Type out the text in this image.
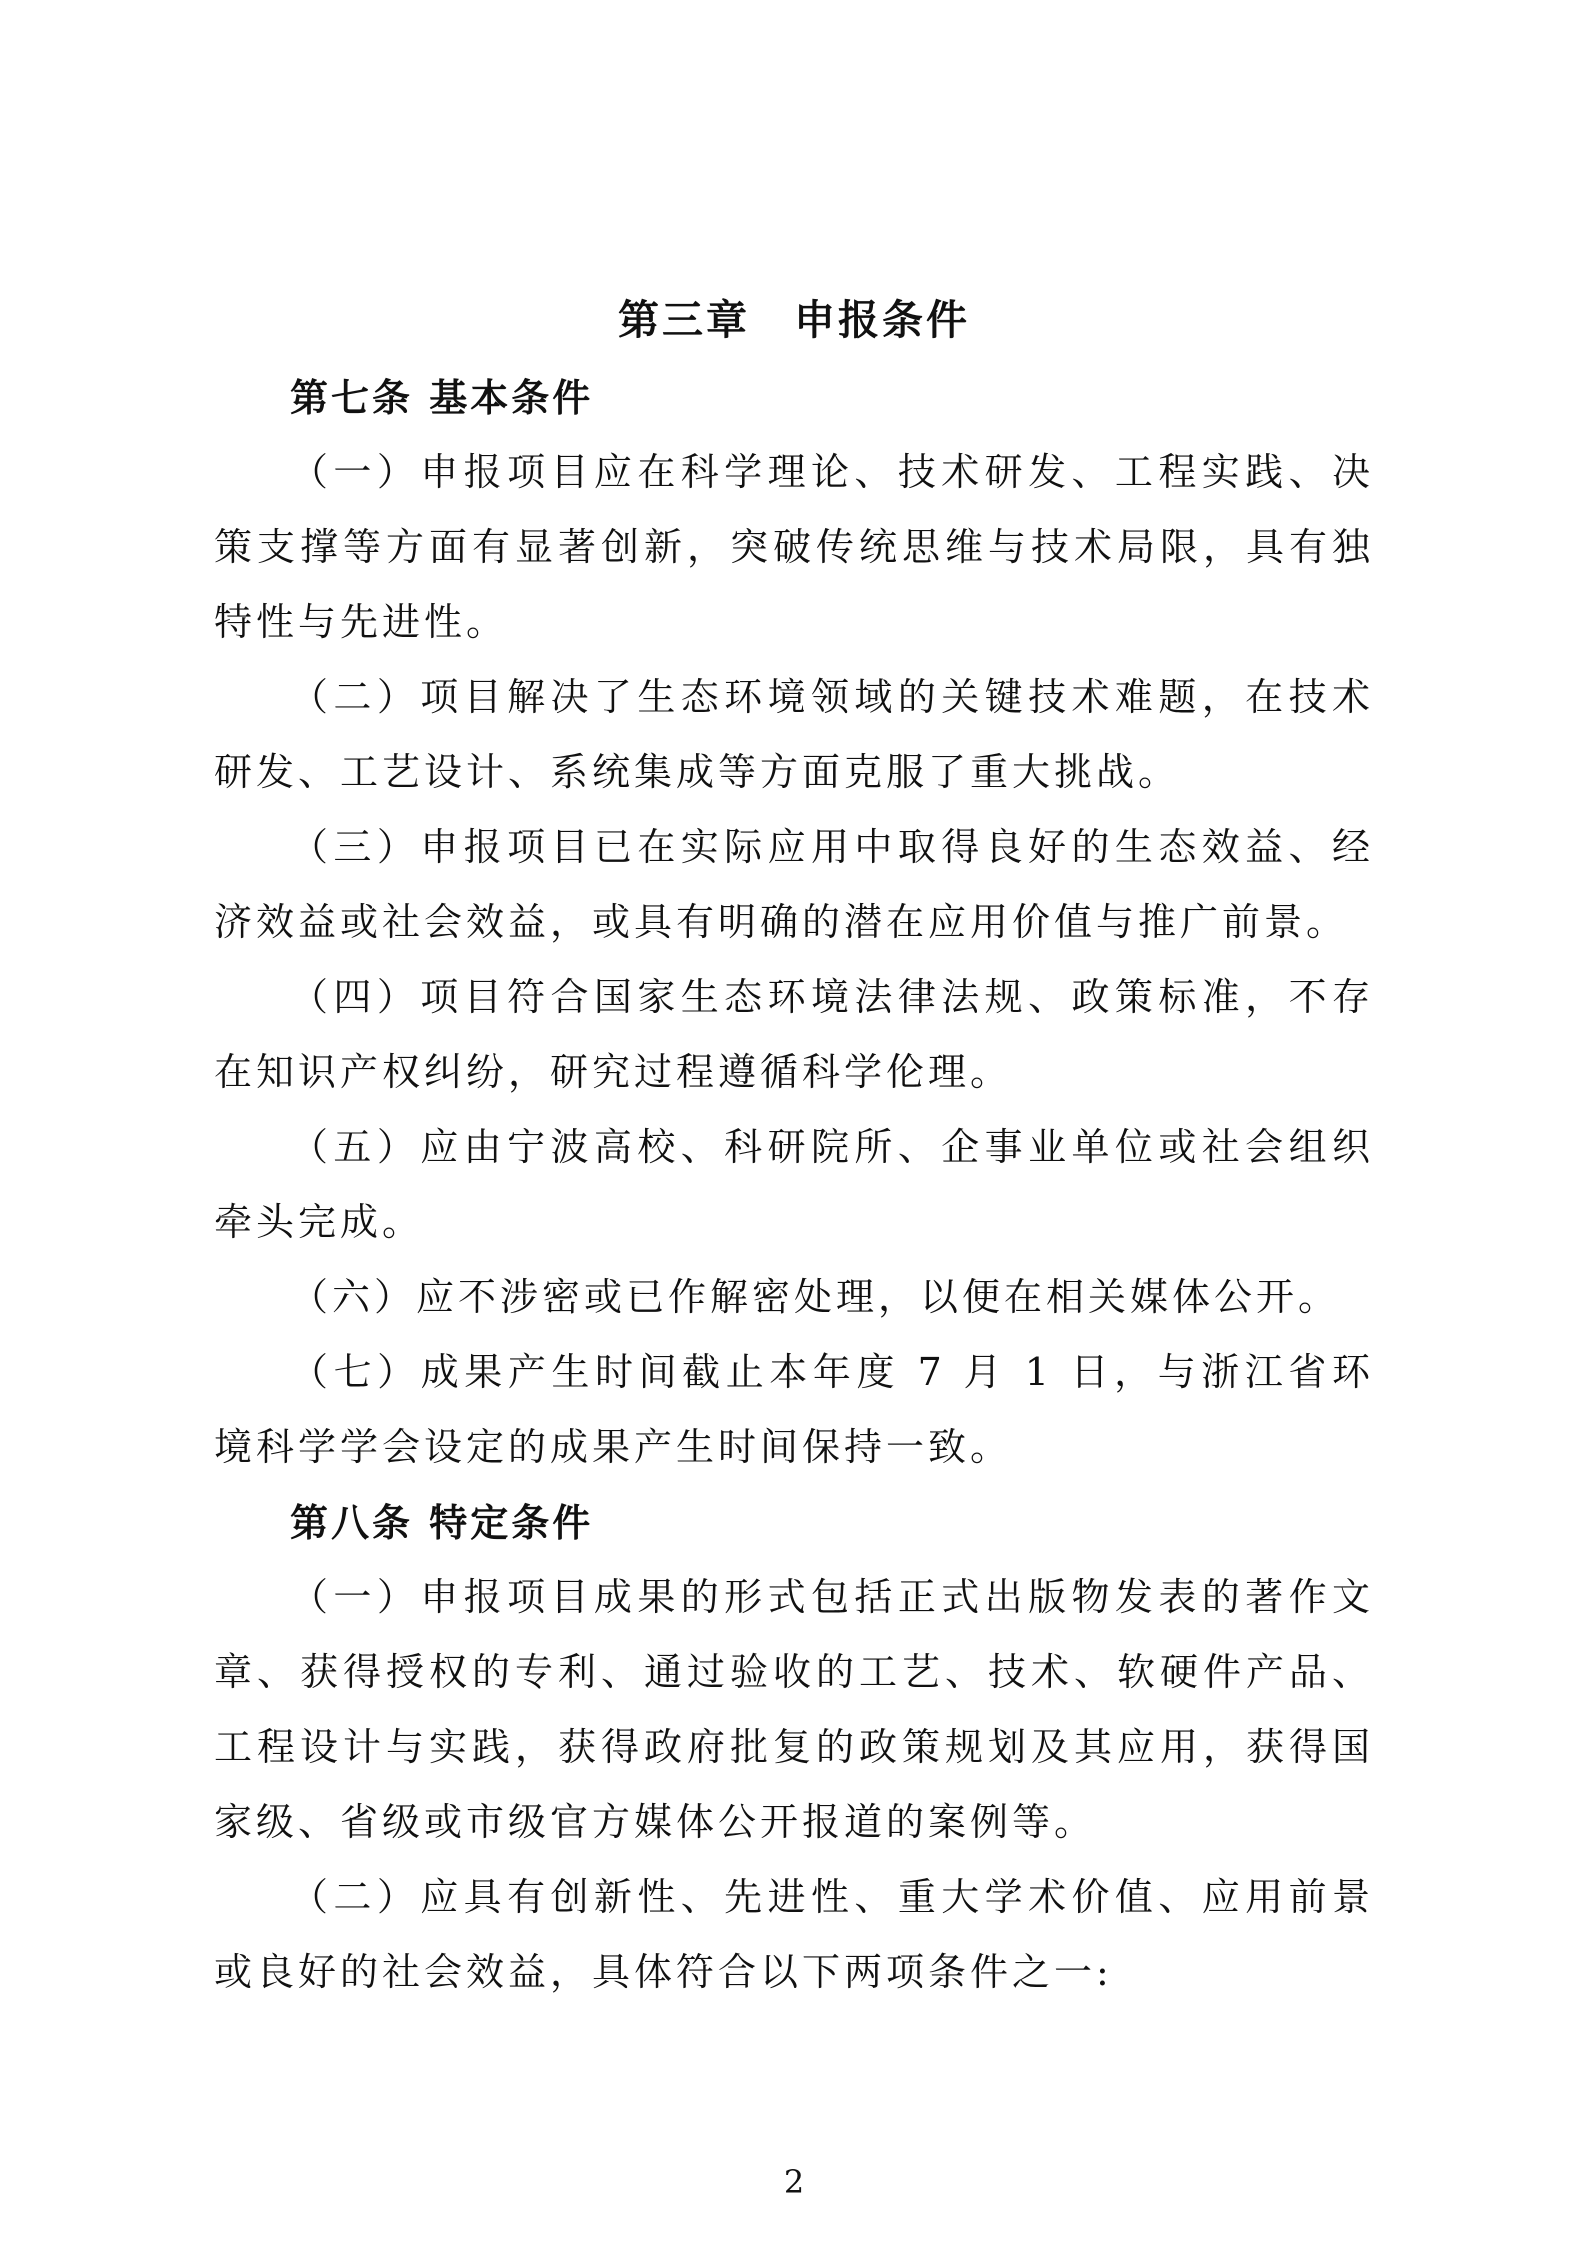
第三章　申报条件

第七条 基本条件

（一）申报项目应在科学理论、技术研发、工程实践、决策支撑等方面有显著创新，突破传统思维与技术局限，具有独特性与先进性。

（二）项目解决了生态环境领域的关键技术难题，在技术研发、工艺设计、系统集成等方面克服了重大挑战。

（三）申报项目已在实际应用中取得良好的生态效益、经济效益或社会效益，或具有明确的潜在应用价值与推广前景。

（四）项目符合国家生态环境法律法规、政策标准，不存在知识产权纠纷，研究过程遵循科学伦理。

（五）应由宁波高校、科研院所、企事业单位或社会组织牵头完成。

（六）应不涉密或已作解密处理，以便在相关媒体公开。

（七）成果产生时间截止本年度 7 月 1 日，与浙江省环境科学学会设定的成果产生时间保持一致。

第八条 特定条件

（一）申报项目成果的形式包括正式出版物发表的著作文章、获得授权的专利、通过验收的工艺、技术、软硬件产品、工程设计与实践，获得政府批复的政策规划及其应用，获得国家级、省级或市级官方媒体公开报道的案例等。

（二）应具有创新性、先进性、重大学术价值、应用前景或良好的社会效益，具体符合以下两项条件之一:

2
